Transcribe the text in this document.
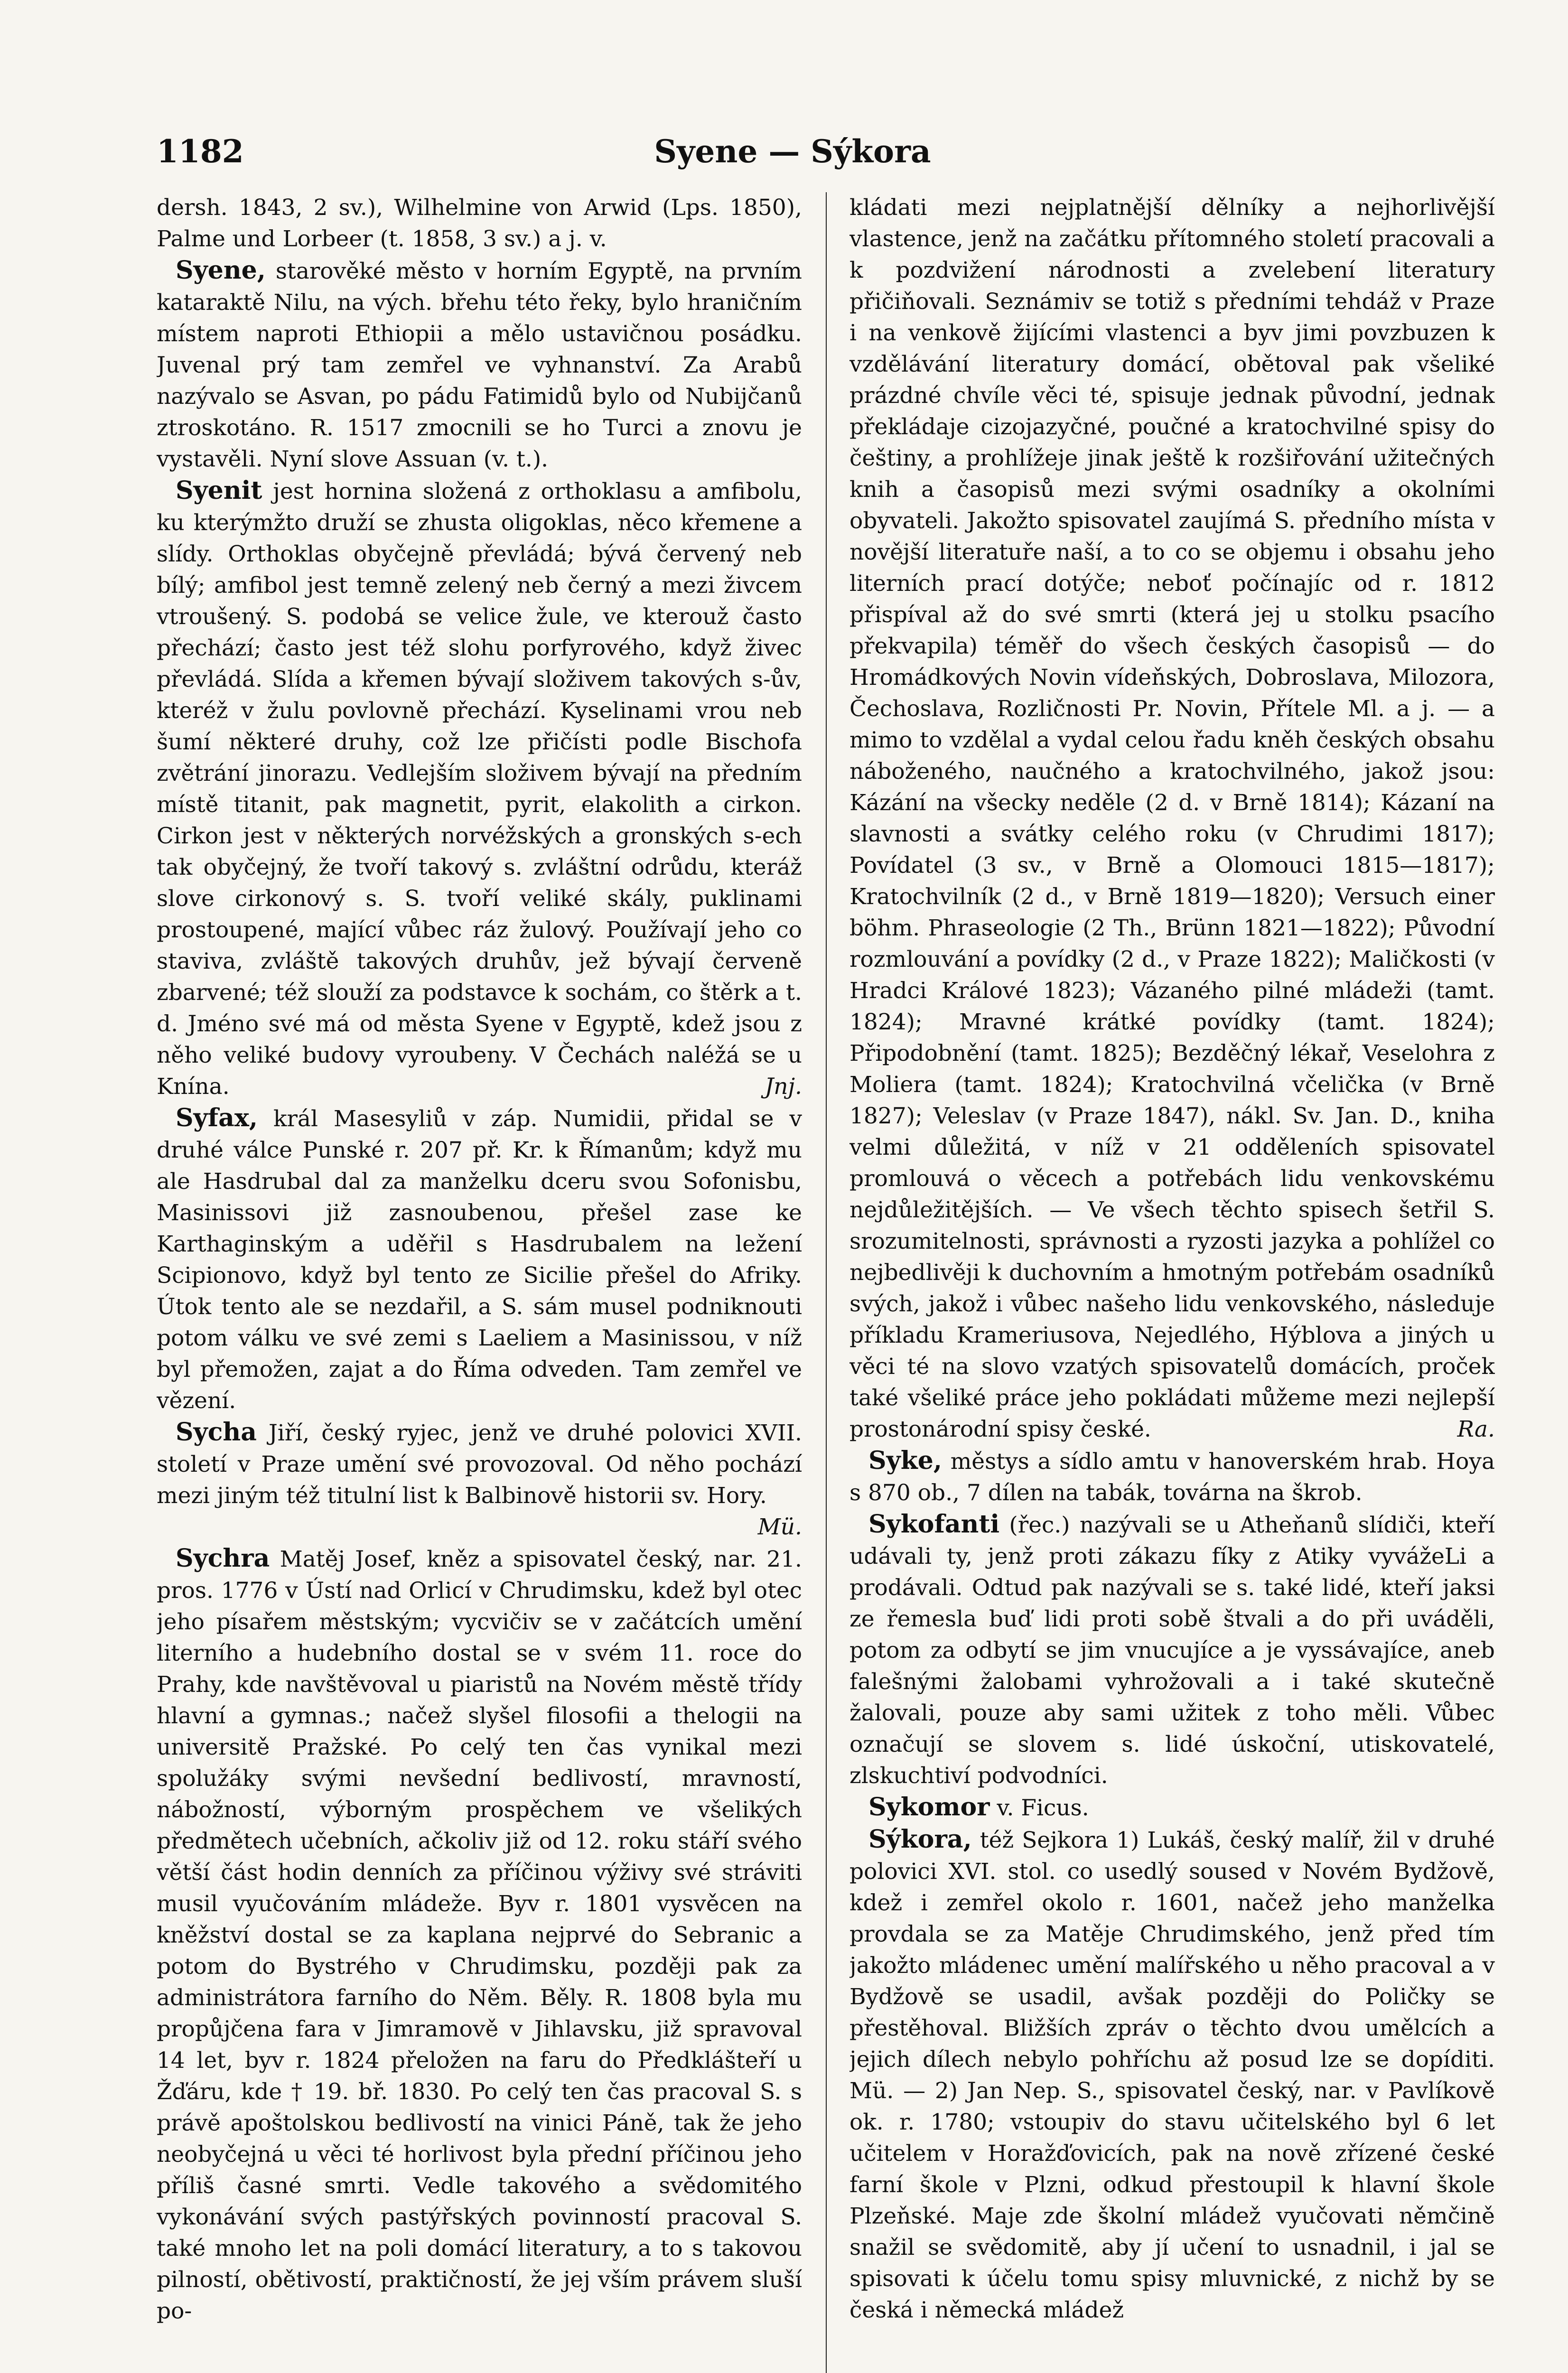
1182	Syene — Sýkora

dersh. 1843, 2 sv.), Wilhelmine von Arwid (Lps. 1850), Palme und Lorbeer (t. 1858, 3 sv.) a j. v.

Syene, starověké město v horním Egyptě, na prvním kataraktě Nilu, na vých. břehu této řeky, bylo hraničním místem naproti Ethiopii a mělo ustavičnou posádku. Juvenal prý tam zemřel ve vyhnanství. Za Arabů nazývalo se Asvan, po pádu Fatimidů bylo od Nubijčanů ztroskotáno. R. 1517 zmocnili se ho Turci a znovu je vystavěli. Nyní slove Assuan (v. t.).

Syenit jest hornina složená z orthoklasu a amfibolu, ku kterýmžto druží se zhusta oligoklas, něco křemene a slídy. Orthoklas obyčejně převládá; bývá červený neb bílý; amfibol jest temně zelený neb černý a mezi živcem vtroušený. S. podobá se velice žule, ve kterouž často přechází; často jest též slohu porfyrového, když živec převládá. Slída a křemen bývají složivem takových s-ův, kteréž v žulu povlovně přechází. Kyselinami vrou neb šumí některé druhy, což lze přičísti podle Bischofa zvětrání jinorazu. Vedlejším složivem bývají na předním místě titanit, pak magnetit, pyrit, elakolith a cirkon. Cirkon jest v některých norvéžských a gronských s-ech tak obyčejný, že tvoří takový s. zvláštní odrůdu, kteráž slove cirkonový s. S. tvoří veliké skály, puklinami prostoupené, mající vůbec ráz žulový. Používají jeho co staviva, zvláště takových druhův, jež bývají červeně zbarvené; též slouží za podstavce k sochám, co štěrk a t. d. Jméno své má od města Syene v Egyptě, kdež jsou z něho veliké budovy vyroubeny. V Čechách naléžá se u Knína.	Jnj.

Syfax, král Masesyliů v záp. Numidii, přidal se v druhé válce Punské r. 207 př. Kr. k Římanům; když mu ale Hasdrubal dal za manželku dceru svou Sofonisbu, Masinissovi již zasnoubenou, přešel zase ke Karthaginským a uděřil s Hasdrubalem na ležení Scipionovo, když byl tento ze Sicilie přešel do Afriky. Útok tento ale se nezdařil, a S. sám musel podniknouti potom válku ve své zemi s Laeliem a Masinissou, v níž byl přemožen, zajat a do Říma odveden. Tam zemřel ve vězení.

Sycha Jiří, český ryjec, jenž ve druhé polovici XVII. století v Praze umění své provozoval. Od něho pochází mezi jiným též titulní list k Balbinově historii sv. Hory.
Mü.

Sychra Matěj Josef, kněz a spisovatel český, nar. 21. pros. 1776 v Ústí nad Orlicí v Chrudimsku, kdež byl otec jeho písařem městským; vycvičiv se v začátcích umění literního a hudebního dostal se v svém 11. roce do Prahy, kde navštěvoval u piaristů na Novém městě třídy hlavní a gymnas.; načež slyšel filosofii a thelogii na universitě Pražské. Po celý ten čas vynikal mezi spolužáky svými nevšední bedlivostí, mravností, nábožností, výborným prospěchem ve všelikých předmětech učebních, ačkoliv již od 12. roku stáří svého větší část hodin denních za příčinou výživy své stráviti musil vyučováním mládeže. Byv r. 1801 vysvěcen na kněžství dostal se za kaplana nejprvé do Sebranic a potom do Bystrého v Chrudimsku, později pak za administrátora farního do Něm. Běly. R. 1808 byla mu propůjčena fara v Jimramově v Jihlavsku, již spravoval 14 let, byv r. 1824 přeložen na faru do Předklášteří u Žďáru, kde † 19. bř. 1830. Po celý ten čas pracoval S. s právě apoštolskou bedlivostí na vinici Páně, tak že jeho neobyčejná u věci té horlivost byla přední příčinou jeho příliš časné smrti. Vedle takového a svědomitého vykonávání svých pastýřských povinností pracoval S. také mnoho let na poli domácí literatury, a to s takovou pilností, obětivostí, praktičností, že jej vším právem sluší po-

kládati mezi nejplatnější dělníky a nejhorlivější vlastence, jenž na začátku přítomného století pracovali a k pozdvižení národnosti a zvelebení literatury přičiňovali. Seznámiv se totiž s předními tehdáž v Praze i na venkově žijícími vlastenci a byv jimi povzbuzen k vzdělávání literatury domácí, obětoval pak všeliké prázdné chvíle věci té, spisuje jednak původní, jednak překládaje cizojazyčné, poučné a kratochvilné spisy do češtiny, a prohlížeje jinak ještě k rozšiřování užitečných knih a časopisů mezi svými osadníky a okolními obyvateli. Jakožto spisovatel zaujímá S. předního místa v novější literatuře naší, a to co se objemu i obsahu jeho literních prací dotýče; neboť počínajíc od r. 1812 přispíval až do své smrti (která jej u stolku psacího překvapila) téměř do všech českých časopisů — do Hromádkových Novin vídeňských, Dobroslava, Milozora, Čechoslava, Rozličnosti Pr. Novin, Přítele Ml. a j. — a mimo to vzdělal a vydal celou řadu kněh českých obsahu náboženého, naučného a kratochvilného, jakož jsou: Kázání na všecky neděle (2 d. v Brně 1814); Kázaní na slavnosti a svátky celého roku (v Chrudimi 1817); Povídatel (3 sv., v Brně a Olomouci 1815—1817); Kratochvilník (2 d., v Brně 1819—1820); Versuch einer böhm. Phraseologie (2 Th., Brünn 1821—1822); Původní rozmlouvání a povídky (2 d., v Praze 1822); Maličkosti (v Hradci Králové 1823); Vázaného pilné mládeži (tamt. 1824); Mravné krátké povídky (tamt. 1824); Připodobnění (tamt. 1825); Bezděčný lékař, Veselohra z Moliera (tamt. 1824); Kratochvilná včelička (v Brně 1827); Veleslav (v Praze 1847), nákl. Sv. Jan. D., kniha velmi důležitá, v níž v 21 odděleních spisovatel promlouvá o věcech a potřebách lidu venkovskému nejdůležitějších. — Ve všech těchto spisech šetřil S. srozumitelnosti, správnosti a ryzosti jazyka a pohlížel co nejbedlivěji k duchovním a hmotným potřebám osadníků svých, jakož i vůbec našeho lidu venkovského, následuje příkladu Krameriusova, Nejedlého, Hýblova a jiných u věci té na slovo vzatých spisovatelů domácích, proček také všeliké práce jeho pokládati můžeme mezi nejlepší prostonárodní spisy české.	Ra.

Syke, městys a sídlo amtu v hanoverském hrab. Hoya s 870 ob., 7 dílen na tabák, továrna na škrob.

Sykofanti (řec.) nazývali se u Atheňanů slídiči, kteří udávali ty, jenž proti zákazu fíky z Atiky vyvážeLi a prodávali. Odtud pak nazývali se s. také lidé, kteří jaksi ze řemesla buď lidi proti sobě štvali a do při uváděli, potom za odbytí se jim vnucujíce a je vyssávajíce, aneb falešnými žalobami vyhrožovali a i také skutečně žalovali, pouze aby sami užitek z toho měli. Vůbec označují se slovem s. lidé úskoční, utiskovatelé, zlskuchtiví podvodníci.

Sykomor v. Ficus.

Sýkora, též Sejkora 1) Lukáš, český malíř, žil v druhé polovici XVI. stol. co usedlý soused v Novém Bydžově, kdež i zemřel okolo r. 1601, načež jeho manželka provdala se za Matěje Chrudimského, jenž před tím jakožto mládenec umění malířského u něho pracoval a v Bydžově se usadil, avšak později do Poličky se přestěhoval. Bližších zpráv o těchto dvou umělcích a jejich dílech nebylo pohříchu až posud lze se dopíditi. Mü. — 2) Jan Nep. S., spisovatel český, nar. v Pavlíkově ok. r. 1780; vstoupiv do stavu učitelského byl 6 let učitelem v Horažďovicích, pak na nově zřízené české farní škole v Plzni, odkud přestoupil k hlavní škole Plzeňské. Maje zde školní mládež vyučovati němčině snažil se svědomitě, aby jí učení to usnadnil, i jal se spisovati k účelu tomu spisy mluvnické, z nichž by se česká i německá mládež
